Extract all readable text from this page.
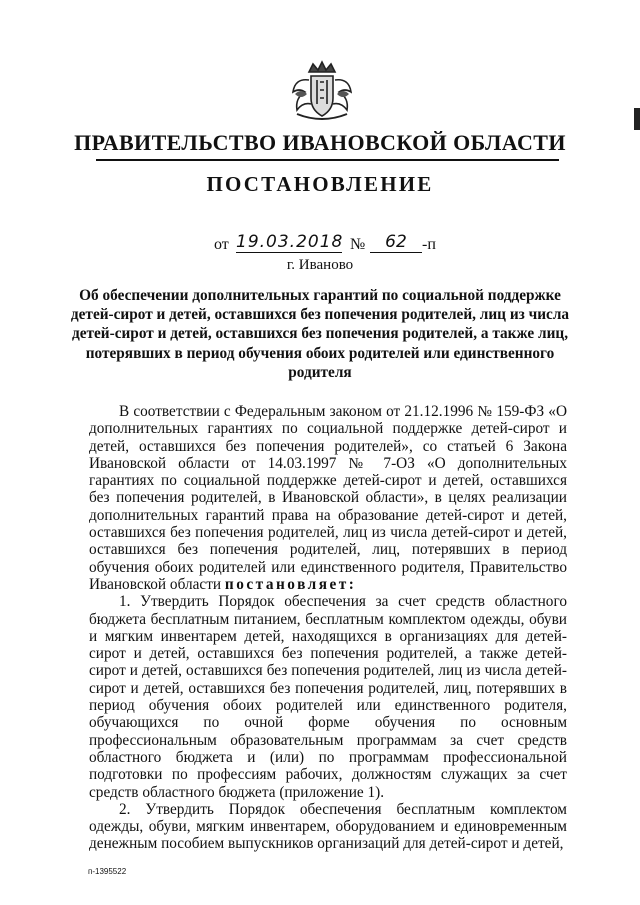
ПРАВИТЕЛЬСТВО ИВАНОВСКОЙ ОБЛАСТИ
ПОСТАНОВЛЕНИЕ
от 19.03.2018 №	62 -п
г. Иваново
Об обеспечении дополнительных гарантий по социальной поддержке детей-сирот и детей, оставшихся без попечения родителей, лиц из числа детей-сирот и детей, оставшихся без попечения родителей, а также лиц, потерявших в период обучения обоих родителей или единственного родителя

В соответствии с Федеральным законом от 21.12.1996 № 159-ФЗ «О дополнительных гарантиях по социальной поддержке детей-сирот и детей, оставшихся без попечения родителей», со статьей 6 Закона Ивановской области от 14.03.1997 № 7-ОЗ «О дополнительных гарантиях по социальной поддержке детей-сирот и детей, оставшихся без попечения родителей, в Ивановской области», в целях реализации дополнительных гарантий права на образование детей-сирот и детей, оставшихся без попечения родителей, лиц из числа детей-сирот и детей, оставшихся без попечения родителей, лиц, потерявших в период обучения обоих родителей или единственного родителя, Правительство Ивановской области постановляет:

1. Утвердить Порядок обеспечения за счет средств областного бюджета бесплатным питанием, бесплатным комплектом одежды, обуви и мягким инвентарем детей, находящихся в организациях для детей-сирот и детей, оставшихся без попечения родителей, а также детей-сирот и детей, оставшихся без попечения родителей, лиц из числа детей-сирот и детей, оставшихся без попечения родителей, лиц, потерявших в период обучения обоих родителей или единственного родителя, обучающихся по очной форме обучения по основным профессиональным образовательным программам за счет средств областного бюджета и (или) по программам профессиональной подготовки по профессиям рабочих, должностям служащих за счет средств областного бюджета (приложение 1).

2. Утвердить Порядок обеспечения бесплатным комплектом одежды, обуви, мягким инвентарем, оборудованием и единовременным денежным пособием выпускников организаций для детей-сирот и детей,

п-1395522
